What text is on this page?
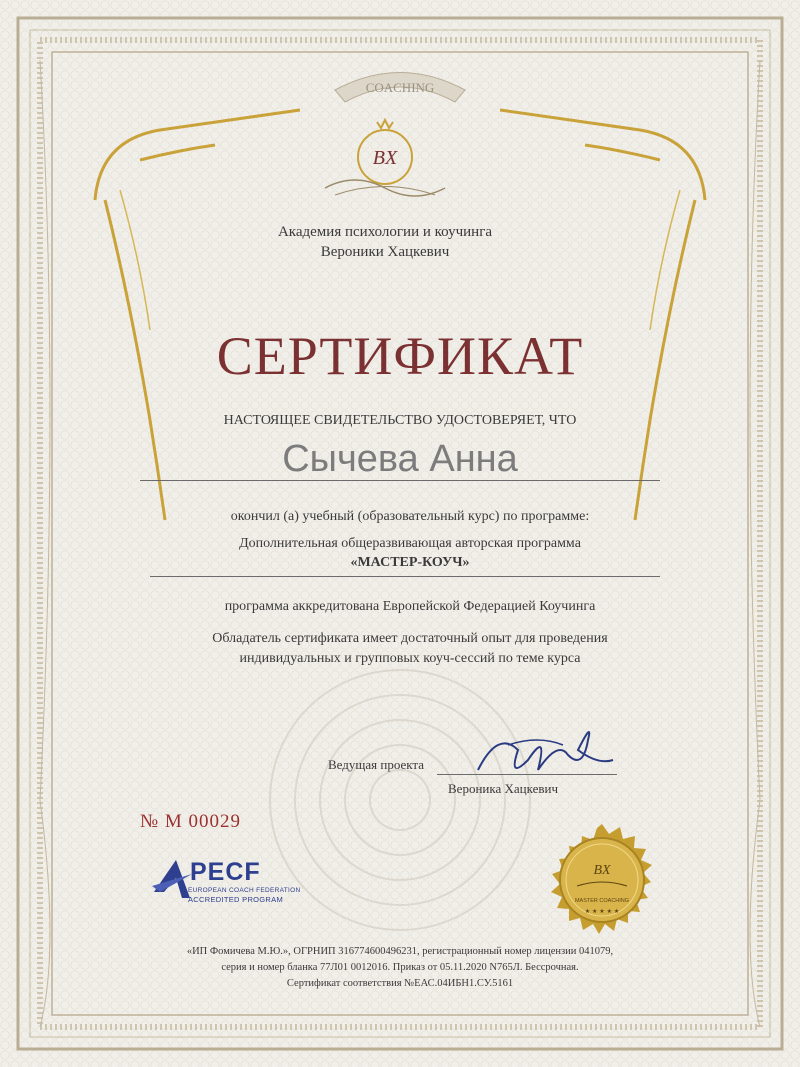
COACHING
BX
Академия психологии и коучинга
Вероники Хацкевич
СЕРТИФИКАТ
НАСТОЯЩЕЕ СВИДЕТЕЛЬСТВО УДОСТОВЕРЯЕТ, ЧТО
Сычева Анна
окончил (а) учебный (образовательный курс) по программе:
Дополнительная общеразвивающая авторская программа
«МАСТЕР-КОУЧ»
программа аккредитована Европейской Федерацией Коучинга
Обладатель сертификата имеет достаточный опыт для проведения
индивидуальных и групповых коуч-сессий по теме курса
Ведущая проекта
Вероника Хацкевич
№ М 00029
PECF
EUROPEAN COACH FEDERATION
ACCREDITED PROGRAM
BX
MASTER COACHING
★ ★ ★ ★ ★
«ИП Фомичева М.Ю.», ОГРНИП 316774600496231, регистрационный номер лицензии 041079,
серия и номер бланка 77Л01 0012016. Приказ от 05.11.2020 N765Л. Бессрочная.
Сертификат соответствия №ЕАС.04ИБН1.СУ.5161
